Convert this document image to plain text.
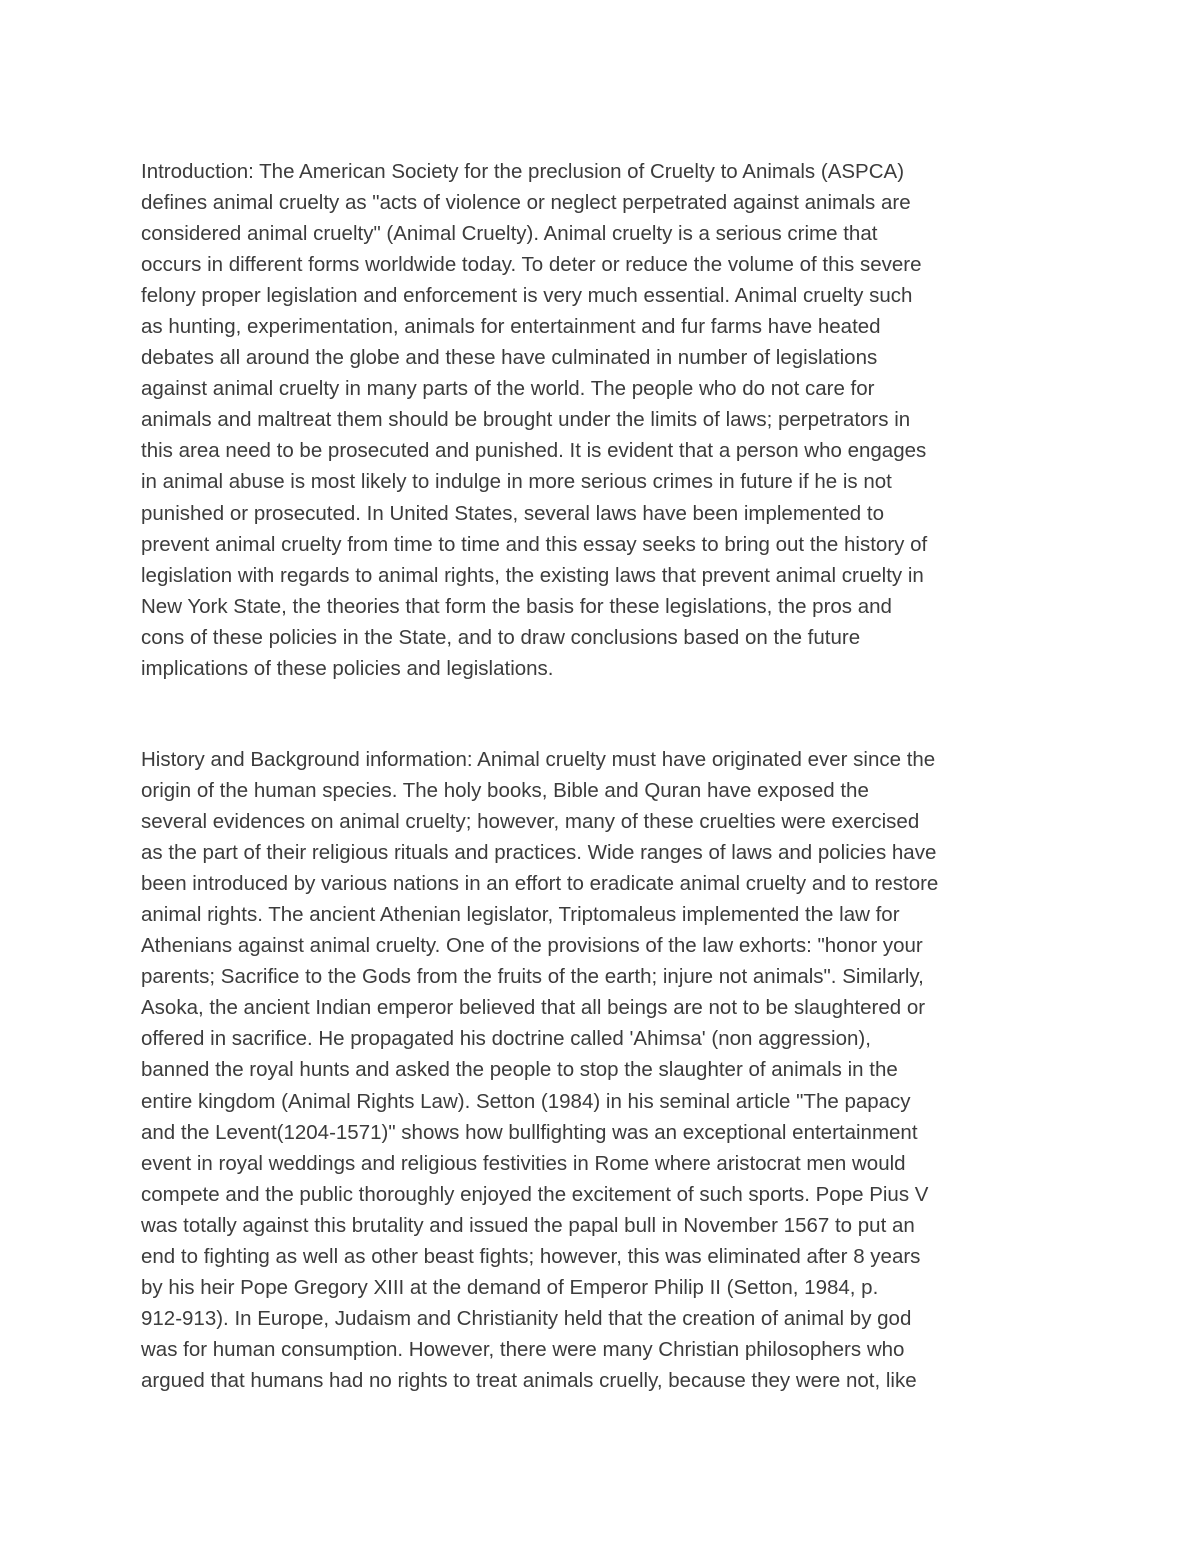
Introduction: The American Society for the preclusion of Cruelty to Animals (ASPCA)
defines animal cruelty as "acts of violence or neglect perpetrated against animals are
considered animal cruelty" (Animal Cruelty). Animal cruelty is a serious crime that
occurs in different forms worldwide today. To deter or reduce the volume of this severe
felony proper legislation and enforcement is very much essential. Animal cruelty such
as hunting, experimentation, animals for entertainment and fur farms have heated
debates all around the globe and these have culminated in number of legislations
against animal cruelty in many parts of the world. The people who do not care for
animals and maltreat them should be brought under the limits of laws; perpetrators in
this area need to be prosecuted and punished. It is evident that a person who engages
in animal abuse is most likely to indulge in more serious crimes in future if he is not
punished or prosecuted. In United States, several laws have been implemented to
prevent animal cruelty from time to time and this essay seeks to bring out the history of
legislation with regards to animal rights, the existing laws that prevent animal cruelty in
New York State, the theories that form the basis for these legislations, the pros and
cons of these policies in the State, and to draw conclusions based on the future
implications of these policies and legislations.
History and Background information: Animal cruelty must have originated ever since the
origin of the human species. The holy books, Bible and Quran have exposed the
several evidences on animal cruelty; however, many of these cruelties were exercised
as the part of their religious rituals and practices. Wide ranges of laws and policies have
been introduced by various nations in an effort to eradicate animal cruelty and to restore
animal rights. The ancient Athenian legislator, Triptomaleus implemented the law for
Athenians against animal cruelty. One of the provisions of the law exhorts: "honor your
parents; Sacrifice to the Gods from the fruits of the earth; injure not animals". Similarly,
Asoka, the ancient Indian emperor believed that all beings are not to be slaughtered or
offered in sacrifice. He propagated his doctrine called 'Ahimsa' (non aggression),
banned the royal hunts and asked the people to stop the slaughter of animals in the
entire kingdom (Animal Rights Law). Setton (1984) in his seminal article "The papacy
and the Levent(1204-1571)" shows how bullfighting was an exceptional entertainment
event in royal weddings and religious festivities in Rome where aristocrat men would
compete and the public thoroughly enjoyed the excitement of such sports. Pope Pius V
was totally against this brutality and issued the papal bull in November 1567 to put an
end to fighting as well as other beast fights; however, this was eliminated after 8 years
by his heir Pope Gregory XIII at the demand of Emperor Philip II (Setton, 1984, p.
912-913). In Europe, Judaism and Christianity held that the creation of animal by god
was for human consumption. However, there were many Christian philosophers who
argued that humans had no rights to treat animals cruelly, because they were not, like
